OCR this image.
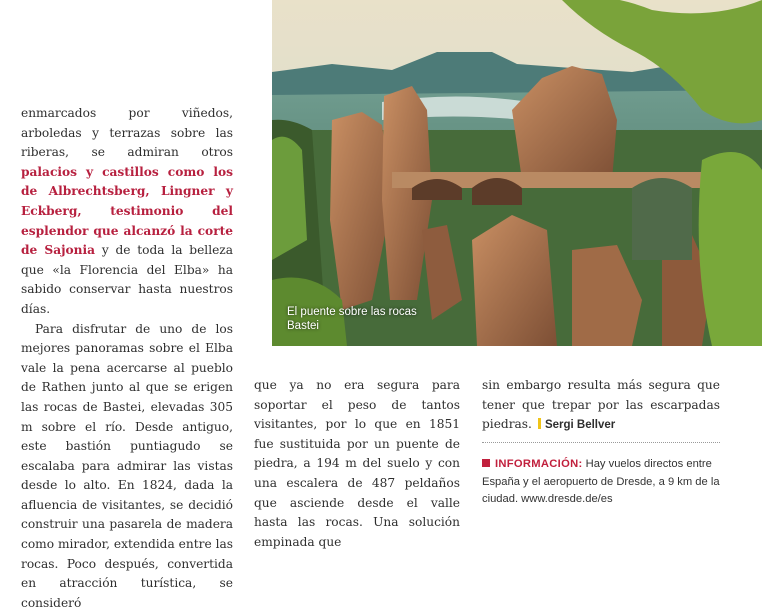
enmarcados por viñedos, arboledas y terrazas sobre las riberas, se admiran otros palacios y castillos como los de Albrechtsberg, Lingner y Eckberg, testimonio del esplendor que alcanzó la corte de Sajonia y de toda la belleza que «la Florencia del Elba» ha sabido conservar hasta nuestros días.

Para disfrutar de uno de los mejores panoramas sobre el Elba vale la pena acercarse al pueblo de Rathen junto al que se erigen las rocas de Bastei, elevadas 305 m sobre el río. Desde antiguo, este bastión puntiagudo se escalaba para admirar las vistas desde lo alto. En 1824, dada la afluencia de visitantes, se decidió construir una pasarela de madera como mirador, extendida entre las rocas. Poco después, convertida en atracción turística, se consideró

El puente sobre las rocas Bastei

que ya no era segura para soportar el peso de tantos visitantes, por lo que en 1851 fue sustituida por un puente de piedra, a 194 m del suelo y con una escalera de 487 peldaños que asciende desde el valle hasta las rocas. Una solución empinada que

sin embargo resulta más segura que tener que trepar por las escarpadas piedras. Sergi Bellver

INFORMACIÓN: Hay vuelos directos entre España y el aeropuerto de Dresde, a 9 km de la ciudad. www.dresde.de/es
